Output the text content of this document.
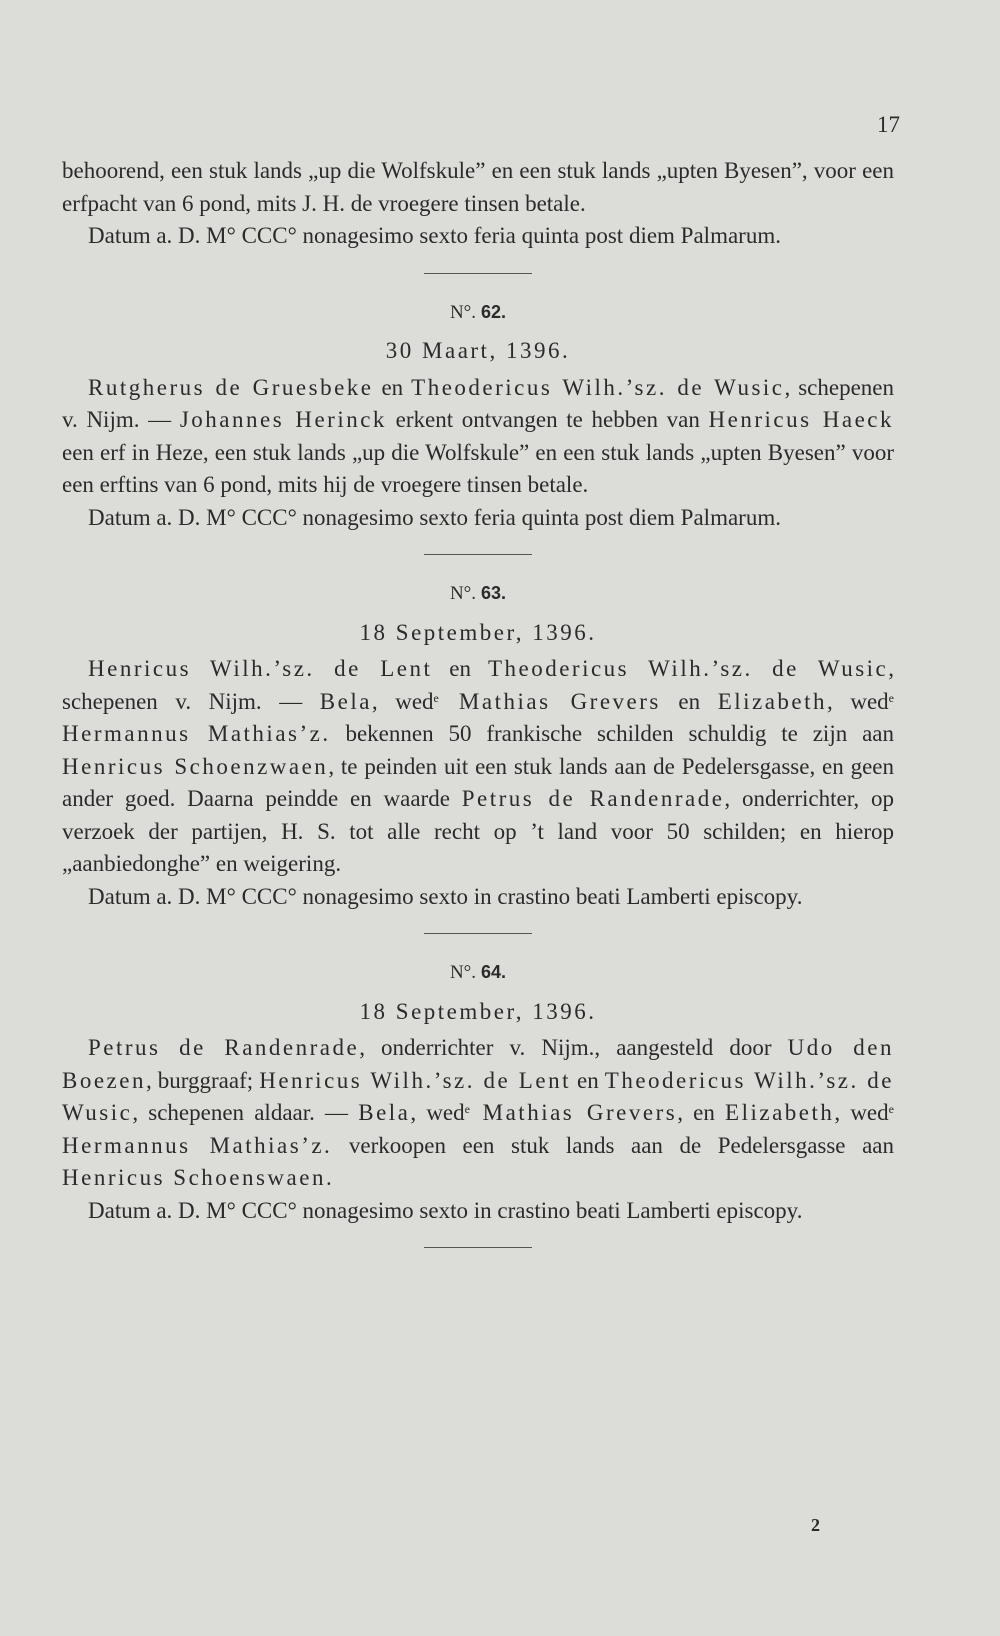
17

behoorend, een stuk lands „up die Wolfskule” en een stuk lands „upten Byesen”, voor een erfpacht van 6 pond, mits J. H. de vroegere tinsen betale.

Datum a. D. M° CCC° nonagesimo sexto feria quinta post diem Palmarum.

N°. 62.
30 Maart, 1396.

Rutgherus de Gruesbeke en Theodericus Wilh.’sz. de Wusic, schepenen v. Nijm. — Johannes Herinck erkent ontvangen te hebben van Henricus Haeck een erf in Heze, een stuk lands „up die Wolfskule” en een stuk lands „upten Byesen” voor een erftins van 6 pond, mits hij de vroegere tinsen betale.

Datum a. D. M° CCC° nonagesimo sexto feria quinta post diem Palmarum.

N°. 63.
18 September, 1396.

Henricus Wilh.’sz. de Lent en Theodericus Wilh.’sz. de Wusic, schepenen v. Nijm. — Bela, wed$^e$ Mathias Grevers en Elizabeth, wed$^e$ Hermannus Mathias’z. bekennen 50 frankische schilden schuldig te zijn aan Henricus Schoenzwaen, te peinden uit een stuk lands aan de Pedelersgasse, en geen ander goed. Daarna peindde en waarde Petrus de Randenrade, onderrichter, op verzoek der partijen, H. S. tot alle recht op ’t land voor 50 schilden; en hierop „aanbiedonghe” en weigering.

Datum a. D. M° CCC° nonagesimo sexto in crastino beati Lamberti episcopy.

N°. 64.
18 September, 1396.

Petrus de Randenrade, onderrichter v. Nijm., aangesteld door Udo den Boezen, burggraaf; Henricus Wilh.’sz. de Lent en Theodericus Wilh.’sz. de Wusic, schepenen aldaar. — Bela, wed$^e$ Mathias Grevers, en Elizabeth, wed$^e$ Hermannus Mathias’z. verkoopen een stuk lands aan de Pedelersgasse aan Henricus Schoenswaen.

Datum a. D. M° CCC° nonagesimo sexto in crastino beati Lamberti episcopy.

2
